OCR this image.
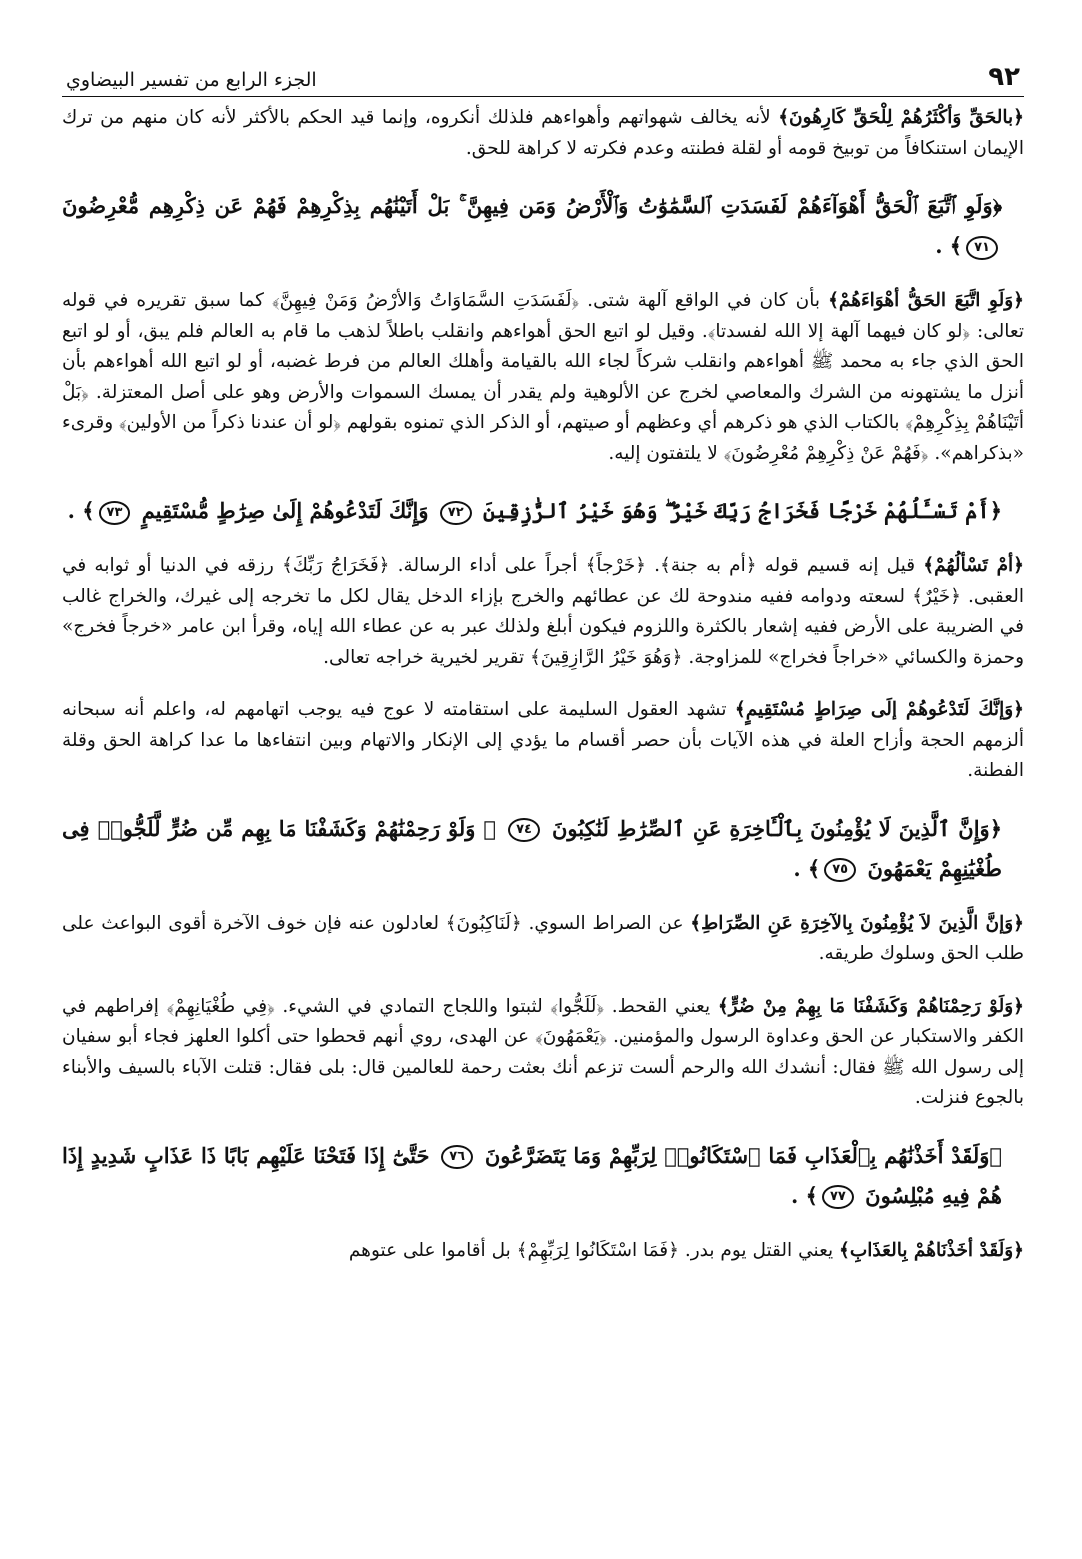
٩٢
الجزء الرابع من تفسير البيضاوي

﴿بالحَقِّ وَأكْثَرُهُمْ لِلْحَقِّ كَارِهُونَ﴾ لأنه يخالف شهواتهم وأهواءهم فلذلك أنكروه، وإنما قيد الحكم بالأكثر لأنه كان منهم من ترك الإيمان استنكافاً من توبيخ قومه أو لقلة فطنته وعدم فكرته لا كراهة للحق.

﴿وَلَوِ ٱتَّبَعَ ٱلْحَقُّ أَهْوَآءَهُمْ لَفَسَدَتِ ٱلسَّمَٰوَٰتُ وَٱلْأَرْضُ وَمَن فِيهِنَّ ۚ بَلْ أَتَيْنَٰهُم بِذِكْرِهِمْ فَهُمْ عَن ذِكْرِهِم مُّعْرِضُونَ ٧١﴾ .

﴿وَلَوِ اتَّبَعَ الحَقُّ أهْوَاءَهُمْ﴾ بأن كان في الواقع آلهة شتى. ﴿لَفَسَدَتِ السَّمَاوَاتُ وَالأرْضُ وَمَنْ فِيهِنَّ﴾ كما سبق تقريره في قوله تعالى: ﴿لو كان فيهما آلهة إلا الله لفسدتا﴾. وقيل لو اتبع الحق أهواءهم وانقلب باطلاً لذهب ما قام به العالم فلم يبق، أو لو اتبع الحق الذي جاء به محمد ﷺ أهواءهم وانقلب شركاً لجاء الله بالقيامة وأهلك العالم من فرط غضبه، أو لو اتبع الله أهواءهم بأن أنزل ما يشتهونه من الشرك والمعاصي لخرج عن الألوهية ولم يقدر أن يمسك السموات والأرض وهو على أصل المعتزلة. ﴿بَلْ أتَيْنَاهُمْ بِذِكْرِهِمْ﴾ بالكتاب الذي هو ذكرهم أي وعظهم أو صيتهم، أو الذكر الذي تمنوه بقولهم ﴿لو أن عندنا ذكراً من الأولين﴾ وقرىء «بذكراهم». ﴿فَهُمْ عَنْ ذِكْرِهِمْ مُعْرِضُونَ﴾ لا يلتفتون إليه.

﴿أَمْ تَسْـَٔلُهُمْ خَرْجًا فَخَرَاجُ رَبِّكَ خَيْرٌ ۖ وَهُوَ خَيْرُ ٱلرَّٰزِقِينَ ٧٢ وَإِنَّكَ لَتَدْعُوهُمْ إِلَىٰ صِرَٰطٍ مُّسْتَقِيمٍ ٧٣﴾ .

﴿أمْ تَسْألُهُمْ﴾ قيل إنه قسيم قوله ﴿أم به جنة﴾. ﴿خَرْجاً﴾ أجراً على أداء الرسالة. ﴿فَخَرَاجُ رَبِّكَ﴾ رزقه في الدنيا أو ثوابه في العقبى. ﴿خَيْرٌ﴾ لسعته ودوامه ففيه مندوحة لك عن عطائهم والخرج بإزاء الدخل يقال لكل ما تخرجه إلى غيرك، والخراج غالب في الضريبة على الأرض ففيه إشعار بالكثرة واللزوم فيكون أبلغ ولذلك عبر به عن عطاء الله إياه، وقرأ ابن عامر «خرجاً فخرج» وحمزة والكسائي «خراجاً فخراج» للمزاوجة. ﴿وَهُوَ خَيْرُ الرَّازِقِينَ﴾ تقرير لخيرية خراجه تعالى.

﴿وَإنَّكَ لَتَدْعُوهُمْ إلَى صِرَاطٍ مُسْتَقِيمٍ﴾ تشهد العقول السليمة على استقامته لا عوج فيه يوجب اتهامهم له، واعلم أنه سبحانه ألزمهم الحجة وأزاح العلة في هذه الآيات بأن حصر أقسام ما يؤدي إلى الإنكار والاتهام وبين انتفاءها ما عدا كراهة الحق وقلة الفطنة.

﴿وَإِنَّ ٱلَّذِينَ لَا يُؤْمِنُونَ بِٱلْـَٔاخِرَةِ عَنِ ٱلصِّرَٰطِ لَنَٰكِبُونَ ٧٤ ۞ وَلَوْ رَحِمْنَٰهُمْ وَكَشَفْنَا مَا بِهِم مِّن ضُرٍّ لَّلَجُّوا۟ فِى طُغْيَٰنِهِمْ يَعْمَهُونَ ٧٥﴾ .

﴿وَإنَّ الَّذِينَ لاَ يُؤْمِنُونَ بِالآخِرَةِ عَنِ الصِّرَاطِ﴾ عن الصراط السوي. ﴿لَنَاكِبُونَ﴾ لعادلون عنه فإن خوف الآخرة أقوى البواعث على طلب الحق وسلوك طريقه.

﴿وَلَوْ رَحِمْنَاهُمْ وَكَشَفْنَا مَا بِهِمْ مِنْ ضُرٍّ﴾ يعني القحط. ﴿لَلَجُّوا﴾ لثبتوا واللجاج التمادي في الشيء. ﴿فِي طُغْيَانِهِمْ﴾ إفراطهم في الكفر والاستكبار عن الحق وعداوة الرسول والمؤمنين. ﴿يَعْمَهُونَ﴾ عن الهدى، روي أنهم قحطوا حتى أكلوا العلهز فجاء أبو سفيان إلى رسول الله ﷺ فقال: أنشدك الله والرحم ألست تزعم أنك بعثت رحمة للعالمين قال: بلى فقال: قتلت الآباء بالسيف والأبناء بالجوع فنزلت.

﴿وَلَقَدْ أَخَذْنَٰهُم بِٱلْعَذَابِ فَمَا ٱسْتَكَانُوا۟ لِرَبِّهِمْ وَمَا يَتَضَرَّعُونَ ٧٦ حَتَّىٰٓ إِذَا فَتَحْنَا عَلَيْهِم بَابًا ذَا عَذَابٍ شَدِيدٍ إِذَا هُمْ فِيهِ مُبْلِسُونَ ٧٧﴾ .

﴿وَلَقَدْ أخَذْنَاهُمْ بِالعَذَابِ﴾ يعني القتل يوم بدر. ﴿فَمَا اسْتَكَانُوا لِرَبِّهِمْ﴾ بل أقاموا على عتوهم
